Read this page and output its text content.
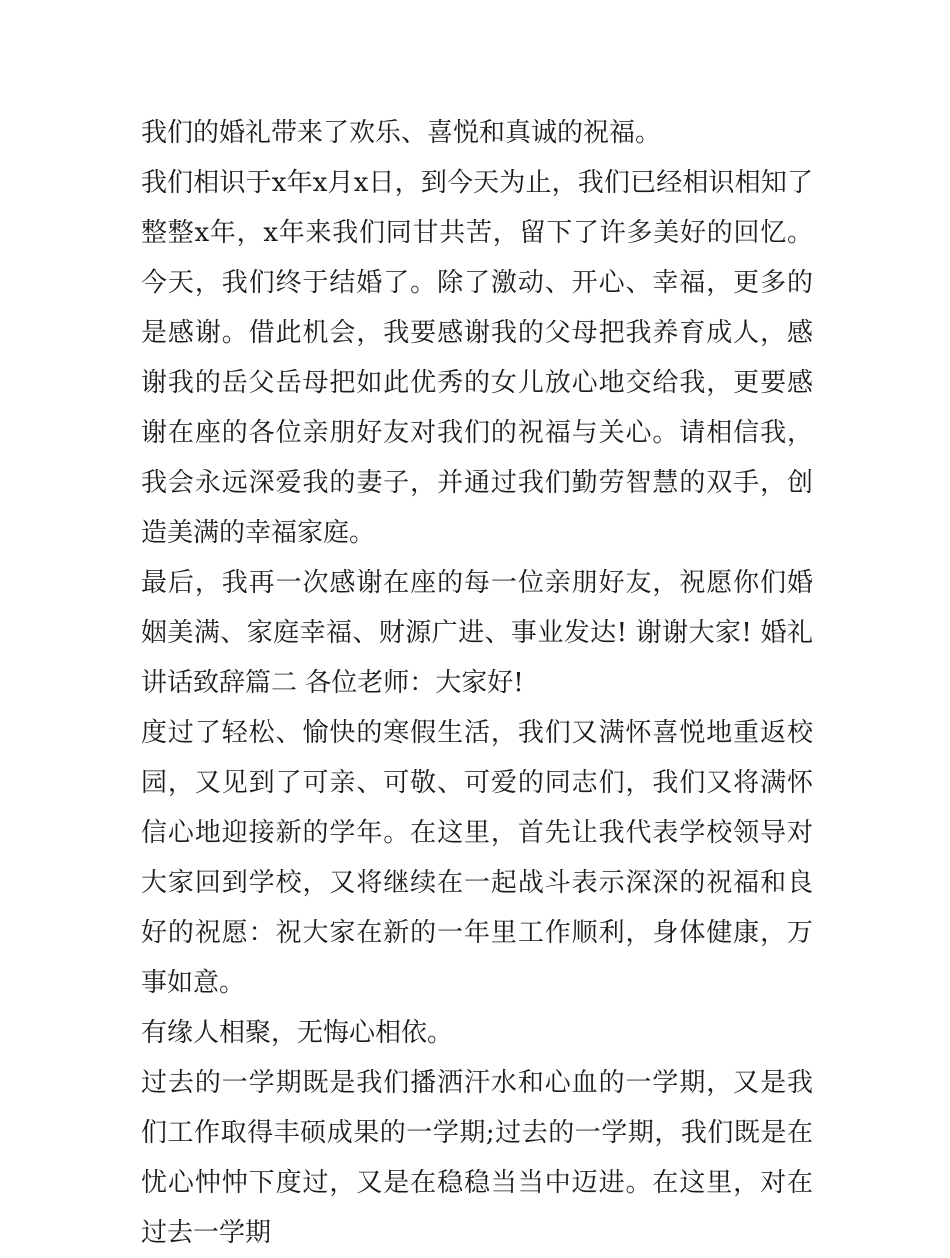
我们的婚礼带来了欢乐、喜悦和真诚的祝福。

我们相识于x年x月x日，到今天为止，我们已经相识相知了整整x年，x年来我们同甘共苦，留下了许多美好的回忆。今天，我们终于结婚了。除了激动、开心、幸福，更多的是感谢。借此机会，我要感谢我的父母把我养育成人，感谢我的岳父岳母把如此优秀的女儿放心地交给我，更要感谢在座的各位亲朋好友对我们的祝福与关心。请相信我，我会永远深爱我的妻子，并通过我们勤劳智慧的双手，创造美满的幸福家庭。

最后，我再一次感谢在座的每一位亲朋好友，祝愿你们婚姻美满、家庭幸福、财源广进、事业发达! 谢谢大家! 婚礼讲话致辞篇二 各位老师：大家好!

度过了轻松、愉快的寒假生活，我们又满怀喜悦地重返校园，又见到了可亲、可敬、可爱的同志们，我们又将满怀信心地迎接新的学年。在这里，首先让我代表学校领导对大家回到学校，又将继续在一起战斗表示深深的祝福和良好的祝愿：祝大家在新的一年里工作顺利，身体健康，万事如意。

有缘人相聚，无悔心相依。

过去的一学期既是我们播洒汗水和心血的一学期，又是我们工作取得丰硕成果的一学期;过去的一学期，我们既是在忧心忡忡下度过，又是在稳稳当当中迈进。在这里，对在过去一学期
